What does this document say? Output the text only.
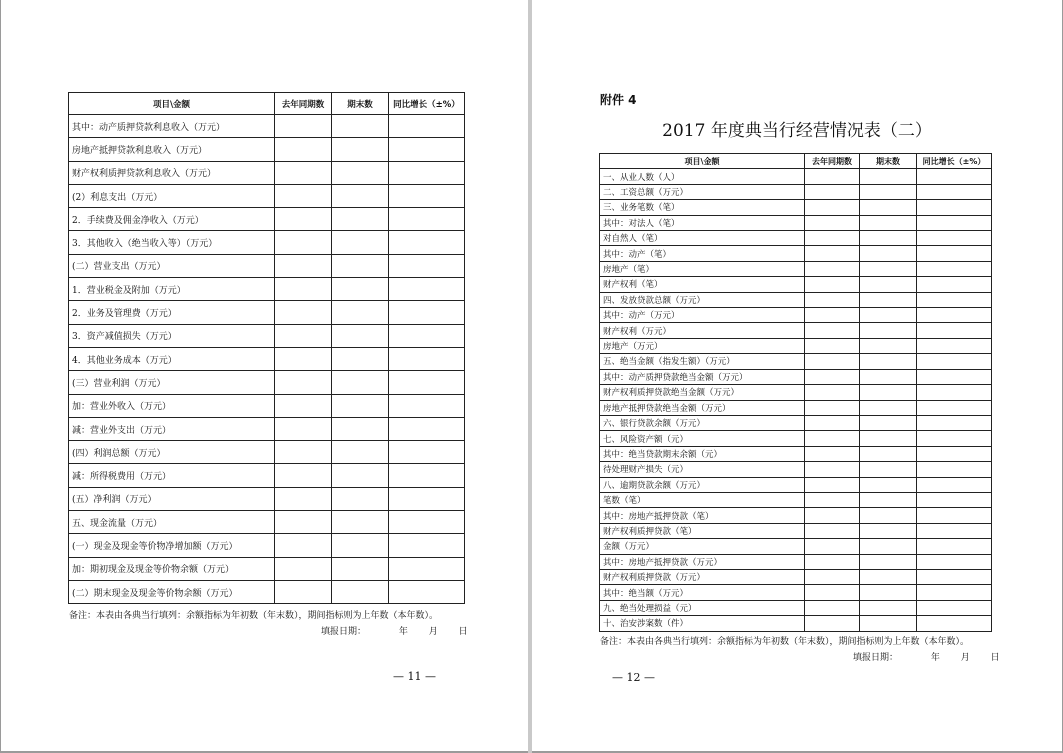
项目\金额	去年同期数	期末数	同比增长（±%）
其中：动产质押贷款利息收入（万元）			
房地产抵押贷款利息收入（万元）			
财产权利质押贷款利息收入（万元）			
(2）利息支出（万元）			
2．手续费及佣金净收入（万元）			
3．其他收入（绝当收入等）（万元）			
(二）营业支出（万元）			
1．营业税金及附加（万元）			
2．业务及管理费（万元）			
3．资产减值损失（万元）			
4．其他业务成本（万元）			
(三）营业利润（万元）			
加：营业外收入（万元）			
减：营业外支出（万元）			
(四）利润总额（万元）			
减：所得税费用（万元）			
(五）净利润（万元）			
五、现金流量（万元）			
(一）现金及现金等价物净增加额（万元）			
加：期初现金及现金等价物余额（万元）			
(二）期末现金及现金等价物余额（万元）			
备注：本表由各典当行填列：余额指标为年初数（年末数），期间指标则为上年数（本年数）。
填报日期：	年 月 日
— 11 —
附件 4
2017 年度典当行经营情况表（二）
项目\金额	去年同期数	期末数	同比增长（±%）
一、从业人数（人）			
二、工资总额（万元）			
三、业务笔数（笔）			
其中：对法人（笔）			
对自然人（笔）			
其中：动产（笔）			
房地产（笔）			
财产权利（笔）			
四、发放贷款总额（万元）			
其中：动产（万元）			
财产权利（万元）			
房地产（万元）			
五、绝当金额（指发生额）（万元）			
其中：动产质押贷款绝当金额（万元）			
财产权利质押贷款绝当金额（万元）			
房地产抵押贷款绝当金额（万元）			
六、银行贷款余额（万元）			
七、风险资产额（元）			
其中：绝当贷款期末余额（元）			
待处理财产损失（元）			
八、逾期贷款余额（万元）			
笔数（笔）			
其中：房地产抵押贷款（笔）			
财产权利质押贷款（笔）			
金额（万元）			
其中：房地产抵押贷款（万元）			
财产权利质押贷款（万元）			
其中：绝当额（万元）			
九、绝当处理损益（元）			
十、治安涉案数（件）			
备注：本表由各典当行填列：余额指标为年初数（年末数），期间指标则为上年数（本年数）。
填报日期：	年 月 日
— 12 —
